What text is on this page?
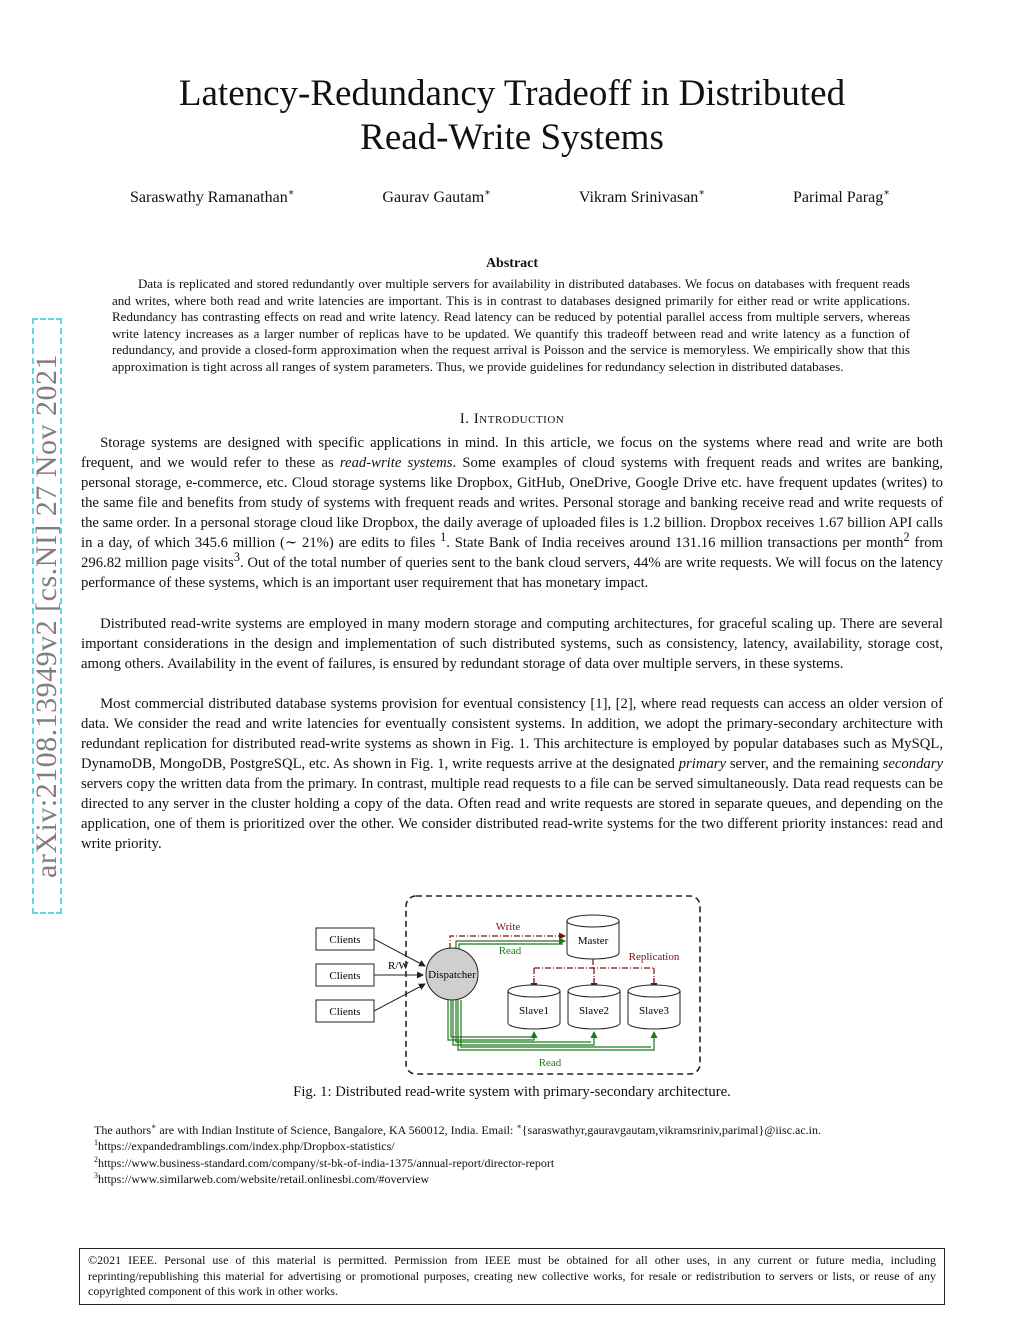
arXiv:2108.13949v2 [cs.NI] 27 Nov 2021
Latency-Redundancy Tradeoff in Distributed
Read-Write Systems
Saraswathy Ramanathan∗	Gaurav Gautam∗	Vikram Srinivasan∗	Parimal Parag∗
Abstract
Data is replicated and stored redundantly over multiple servers for availability in distributed databases. We focus on databases with frequent reads and writes, where both read and write latencies are important. This is in contrast to databases designed primarily for either read or write applications. Redundancy has contrasting effects on read and write latency. Read latency can be reduced by potential parallel access from multiple servers, whereas write latency increases as a larger number of replicas have to be updated. We quantify this tradeoff between read and write latency as a function of redundancy, and provide a closed-form approximation when the request arrival is Poisson and the service is memoryless. We empirically show that this approximation is tight across all ranges of system parameters. Thus, we provide guidelines for redundancy selection in distributed databases.
I. Introduction
Storage systems are designed with specific applications in mind. In this article, we focus on the systems where read and write are both frequent, and we would refer to these as read-write systems. Some examples of cloud systems with frequent reads and writes are banking, personal storage, e-commerce, etc. Cloud storage systems like Dropbox, GitHub, OneDrive, Google Drive etc. have frequent updates (writes) to the same file and benefits from study of systems with frequent reads and writes. Personal storage and banking receive read and write requests of the same order. In a personal storage cloud like Dropbox, the daily average of uploaded files is 1.2 billion. Dropbox receives 1.67 billion API calls in a day, of which 345.6 million (∼ 21%) are edits to files $^1$. State Bank of India receives around 131.16 million transactions per month$^2$ from 296.82 million page visits$^3$. Out of the total number of queries sent to the bank cloud servers, 44% are write requests. We will focus on the latency performance of these systems, which is an important user requirement that has monetary impact.
Distributed read-write systems are employed in many modern storage and computing architectures, for graceful scaling up. There are several important considerations in the design and implementation of such distributed systems, such as consistency, latency, availability, storage cost, among others. Availability in the event of failures, is ensured by redundant storage of data over multiple servers, in these systems.
Most commercial distributed database systems provision for eventual consistency [1], [2], where read requests can access an older version of data. We consider the read and write latencies for eventually consistent systems. In addition, we adopt the primary-secondary architecture with redundant replication for distributed read-write systems as shown in Fig. 1. This architecture is employed by popular databases such as MySQL, DynamoDB, MongoDB, PostgreSQL, etc. As shown in Fig. 1, write requests arrive at the designated primary server, and the remaining secondary servers copy the written data from the primary. In contrast, multiple read requests to a file can be served simultaneously. Data read requests can be directed to any server in the cluster holding a copy of the data. Often read and write requests are stored in separate queues, and depending on the application, one of them is prioritized over the other. We consider distributed read-write systems for the two different priority instances: read and write priority.
Clients
Clients
Clients
R/W
Write
Read
Dispatcher
Master
Replication
Slave1	Slave2	Slave3
Read
Fig. 1: Distributed read-write system with primary-secondary architecture.
The authors∗ are with Indian Institute of Science, Bangalore, KA 560012, India. Email: ∗{saraswathyr,gauravgautam,vikramsriniv,parimal}@iisc.ac.in.
$^1$https://expandedramblings.com/index.php/Dropbox-statistics/
$^2$https://www.business-standard.com/company/st-bk-of-india-1375/annual-report/director-report
$^3$https://www.similarweb.com/website/retail.onlinesbi.com/#overview
©2021 IEEE. Personal use of this material is permitted. Permission from IEEE must be obtained for all other uses, in any current or future media, including reprinting/republishing this material for advertising or promotional purposes, creating new collective works, for resale or redistribution to servers or lists, or reuse of any copyrighted component of this work in other works.
